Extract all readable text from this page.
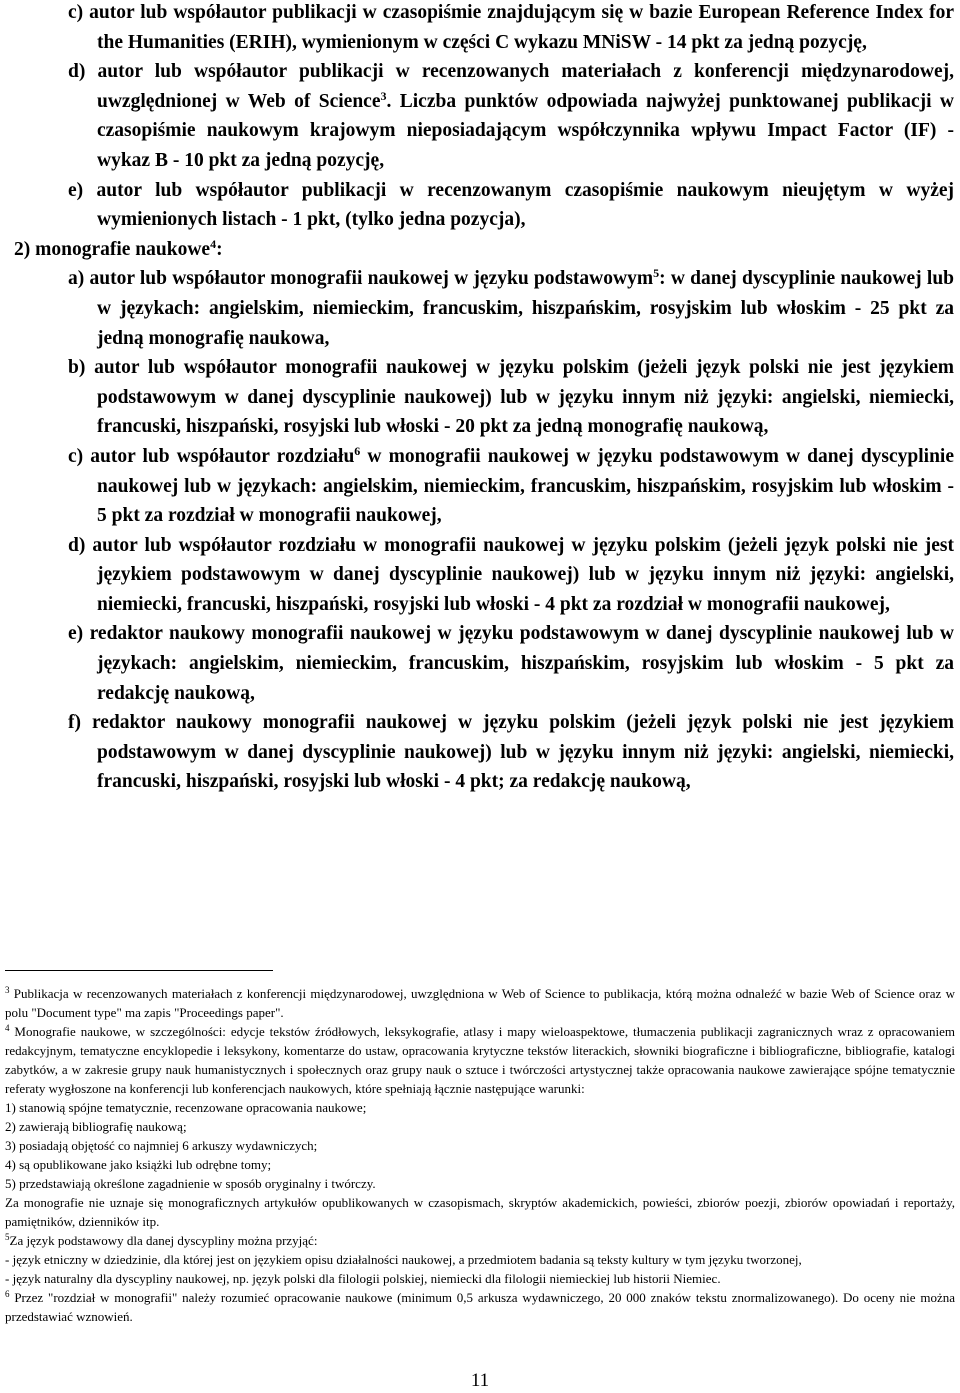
c) autor lub współautor publikacji w czasopiśmie znajdującym się w bazie European Reference Index for the Humanities (ERIH), wymienionym w części C wykazu MNiSW - 14 pkt za jedną pozycję,

d) autor lub współautor publikacji w recenzowanych materiałach z konferencji międzynarodowej, uwzględnionej w Web of Science$^3$. Liczba punktów odpowiada najwyżej punktowanej publikacji w czasopiśmie naukowym krajowym nieposiadającym współczynnika wpływu Impact Factor (IF) - wykaz B - 10 pkt za jedną pozycję,

e) autor lub współautor publikacji w recenzowanym czasopiśmie naukowym nieujętym w wyżej wymienionych listach - 1 pkt, (tylko jedna pozycja),

2) monografie naukowe$^4$:

a) autor lub współautor monografii naukowej w języku podstawowym$^5$: w danej dyscyplinie naukowej lub w językach: angielskim, niemieckim, francuskim, hiszpańskim, rosyjskim lub włoskim - 25 pkt za jedną monografię naukowa,

b) autor lub współautor monografii naukowej w języku polskim (jeżeli język polski nie jest językiem podstawowym w danej dyscyplinie naukowej) lub w języku innym niż języki: angielski, niemiecki, francuski, hiszpański, rosyjski lub włoski - 20 pkt za jedną monografię naukową,

c) autor lub współautor rozdziału$^6$ w monografii naukowej w języku podstawowym w danej dyscyplinie naukowej lub w językach: angielskim, niemieckim, francuskim, hiszpańskim, rosyjskim lub włoskim - 5 pkt za rozdział w monografii naukowej,

d) autor lub współautor rozdziału w monografii naukowej w języku polskim (jeżeli język polski nie jest językiem podstawowym w danej dyscyplinie naukowej) lub w języku innym niż języki: angielski, niemiecki, francuski, hiszpański, rosyjski lub włoski - 4 pkt za rozdział w monografii naukowej,

e) redaktor naukowy monografii naukowej w języku podstawowym w danej dyscyplinie naukowej lub w językach: angielskim, niemieckim, francuskim, hiszpańskim, rosyjskim lub włoskim - 5 pkt za redakcję naukową,

f) redaktor naukowy monografii naukowej w języku polskim (jeżeli język polski nie jest językiem podstawowym w danej dyscyplinie naukowej) lub w języku innym niż języki: angielski, niemiecki, francuski, hiszpański, rosyjski lub włoski - 4 pkt; za redakcję naukową,

$^3$ Publikacja w recenzowanych materiałach z konferencji międzynarodowej, uwzględniona w Web of Science to publikacja, którą można odnaleźć w bazie Web of Science oraz w polu "Document type" ma zapis "Proceedings paper".

$^4$ Monografie naukowe, w szczególności: edycje tekstów źródłowych, leksykografie, atlasy i mapy wieloaspektowe, tłumaczenia publikacji zagranicznych wraz z opracowaniem redakcyjnym, tematyczne encyklopedie i leksykony, komentarze do ustaw, opracowania krytyczne tekstów literackich, słowniki biograficzne i bibliograficzne, bibliografie, katalogi zabytków, a w zakresie grupy nauk humanistycznych i społecznych oraz grupy nauk o sztuce i twórczości artystycznej także opracowania naukowe zawierające spójne tematycznie referaty wygłoszone na konferencji lub konferencjach naukowych, które spełniają łącznie następujące warunki:

1) stanowią spójne tematycznie, recenzowane opracowania naukowe;

2) zawierają bibliografię naukową;

3) posiadają objętość co najmniej 6 arkuszy wydawniczych;

4) są opublikowane jako książki lub odrębne tomy;

5) przedstawiają określone zagadnienie w sposób oryginalny i twórczy.

Za monografie nie uznaje się monograficznych artykułów opublikowanych w czasopismach, skryptów akademickich, powieści, zbiorów poezji, zbiorów opowiadań i reportaży, pamiętników, dzienników itp.

$^5$Za język podstawowy dla danej dyscypliny można przyjąć:

- język etniczny w dziedzinie, dla której jest on językiem opisu działalności naukowej, a przedmiotem badania są teksty kultury w tym języku tworzonej,

- język naturalny dla dyscypliny naukowej, np. język polski dla filologii polskiej, niemiecki dla filologii niemieckiej lub historii Niemiec.

$^6$ Przez "rozdział w monografii" należy rozumieć opracowanie naukowe (minimum 0,5 arkusza wydawniczego, 20 000 znaków tekstu znormalizowanego). Do oceny nie można przedstawiać wznowień.

11
